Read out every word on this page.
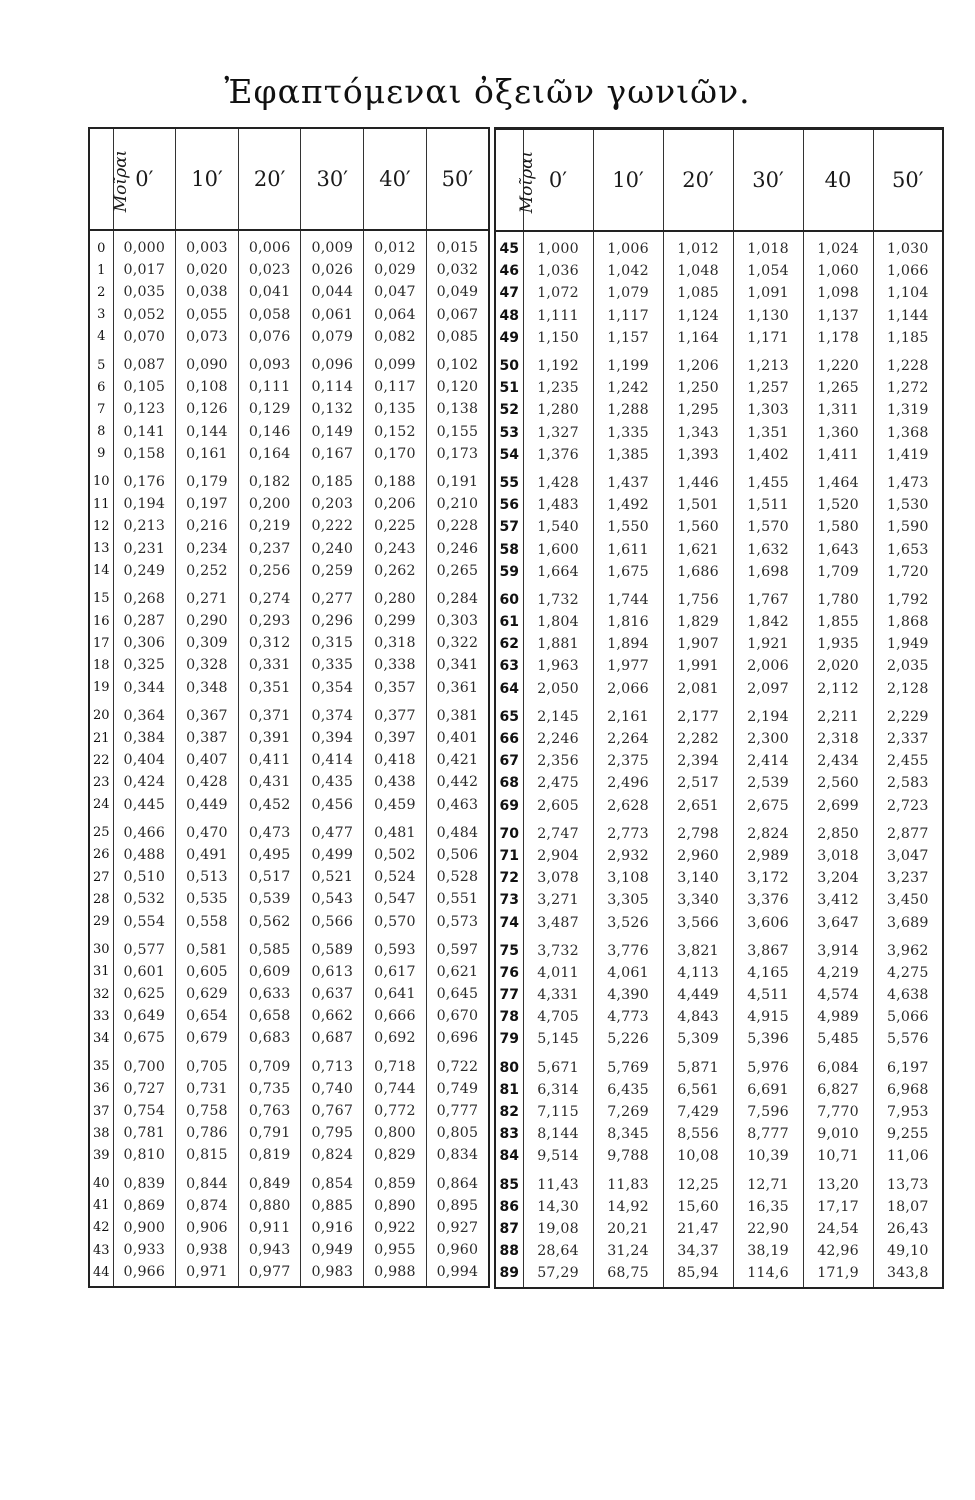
Ἐφαπτόμεναι ὀξειῶν γωνιῶν.
Μοῖραι	0′	10′	20′	30′	40′	50′

0	0,000	0,003	0,006	0,009	0,012	0,015
1	0,017	0,020	0,023	0,026	0,029	0,032
2	0,035	0,038	0,041	0,044	0,047	0,049
3	0,052	0,055	0,058	0,061	0,064	0,067
4	0,070	0,073	0,076	0,079	0,082	0,085
5	0,087	0,090	0,093	0,096	0,099	0,102
6	0,105	0,108	0,111	0,114	0,117	0,120
7	0,123	0,126	0,129	0,132	0,135	0,138
8	0,141	0,144	0,146	0,149	0,152	0,155
9	0,158	0,161	0,164	0,167	0,170	0,173
10	0,176	0,179	0,182	0,185	0,188	0,191
11	0,194	0,197	0,200	0,203	0,206	0,210
12	0,213	0,216	0,219	0,222	0,225	0,228
13	0,231	0,234	0,237	0,240	0,243	0,246
14	0,249	0,252	0,256	0,259	0,262	0,265
15	0,268	0,271	0,274	0,277	0,280	0,284
16	0,287	0,290	0,293	0,296	0,299	0,303
17	0,306	0,309	0,312	0,315	0,318	0,322
18	0,325	0,328	0,331	0,335	0,338	0,341
19	0,344	0,348	0,351	0,354	0,357	0,361
20	0,364	0,367	0,371	0,374	0,377	0,381
21	0,384	0,387	0,391	0,394	0,397	0,401
22	0,404	0,407	0,411	0,414	0,418	0,421
23	0,424	0,428	0,431	0,435	0,438	0,442
24	0,445	0,449	0,452	0,456	0,459	0,463
25	0,466	0,470	0,473	0,477	0,481	0,484
26	0,488	0,491	0,495	0,499	0,502	0,506
27	0,510	0,513	0,517	0,521	0,524	0,528
28	0,532	0,535	0,539	0,543	0,547	0,551
29	0,554	0,558	0,562	0,566	0,570	0,573
30	0,577	0,581	0,585	0,589	0,593	0,597
31	0,601	0,605	0,609	0,613	0,617	0,621
32	0,625	0,629	0,633	0,637	0,641	0,645
33	0,649	0,654	0,658	0,662	0,666	0,670
34	0,675	0,679	0,683	0,687	0,692	0,696
35	0,700	0,705	0,709	0,713	0,718	0,722
36	0,727	0,731	0,735	0,740	0,744	0,749
37	0,754	0,758	0,763	0,767	0,772	0,777
38	0,781	0,786	0,791	0,795	0,800	0,805
39	0,810	0,815	0,819	0,824	0,829	0,834
40	0,839	0,844	0,849	0,854	0,859	0,864
41	0,869	0,874	0,880	0,885	0,890	0,895
42	0,900	0,906	0,911	0,916	0,922	0,927
43	0,933	0,938	0,943	0,949	0,955	0,960
44	0,966	0,971	0,977	0,983	0,988	0,994
Μοῖραι	0′	10′	20′	30′	40	50′

45	1,000	1,006	1,012	1,018	1,024	1,030
46	1,036	1,042	1,048	1,054	1,060	1,066
47	1,072	1,079	1,085	1,091	1,098	1,104
48	1,111	1,117	1,124	1,130	1,137	1,144
49	1,150	1,157	1,164	1,171	1,178	1,185
50	1,192	1,199	1,206	1,213	1,220	1,228
51	1,235	1,242	1,250	1,257	1,265	1,272
52	1,280	1,288	1,295	1,303	1,311	1,319
53	1,327	1,335	1,343	1,351	1,360	1,368
54	1,376	1,385	1,393	1,402	1,411	1,419
55	1,428	1,437	1,446	1,455	1,464	1,473
56	1,483	1,492	1,501	1,511	1,520	1,530
57	1,540	1,550	1,560	1,570	1,580	1,590
58	1,600	1,611	1,621	1,632	1,643	1,653
59	1,664	1,675	1,686	1,698	1,709	1,720
60	1,732	1,744	1,756	1,767	1,780	1,792
61	1,804	1,816	1,829	1,842	1,855	1,868
62	1,881	1,894	1,907	1,921	1,935	1,949
63	1,963	1,977	1,991	2,006	2,020	2,035
64	2,050	2,066	2,081	2,097	2,112	2,128
65	2,145	2,161	2,177	2,194	2,211	2,229
66	2,246	2,264	2,282	2,300	2,318	2,337
67	2,356	2,375	2,394	2,414	2,434	2,455
68	2,475	2,496	2,517	2,539	2,560	2,583
69	2,605	2,628	2,651	2,675	2,699	2,723
70	2,747	2,773	2,798	2,824	2,850	2,877
71	2,904	2,932	2,960	2,989	3,018	3,047
72	3,078	3,108	3,140	3,172	3,204	3,237
73	3,271	3,305	3,340	3,376	3,412	3,450
74	3,487	3,526	3,566	3,606	3,647	3,689
75	3,732	3,776	3,821	3,867	3,914	3,962
76	4,011	4,061	4,113	4,165	4,219	4,275
77	4,331	4,390	4,449	4,511	4,574	4,638
78	4,705	4,773	4,843	4,915	4,989	5,066
79	5,145	5,226	5,309	5,396	5,485	5,576
80	5,671	5,769	5,871	5,976	6,084	6,197
81	6,314	6,435	6,561	6,691	6,827	6,968
82	7,115	7,269	7,429	7,596	7,770	7,953
83	8,144	8,345	8,556	8,777	9,010	9,255
84	9,514	9,788	10,08	10,39	10,71	11,06
85	11,43	11,83	12,25	12,71	13,20	13,73
86	14,30	14,92	15,60	16,35	17,17	18,07
87	19,08	20,21	21,47	22,90	24,54	26,43
88	28,64	31,24	34,37	38,19	42,96	49,10
89	57,29	68,75	85,94	114,6	171,9	343,8
